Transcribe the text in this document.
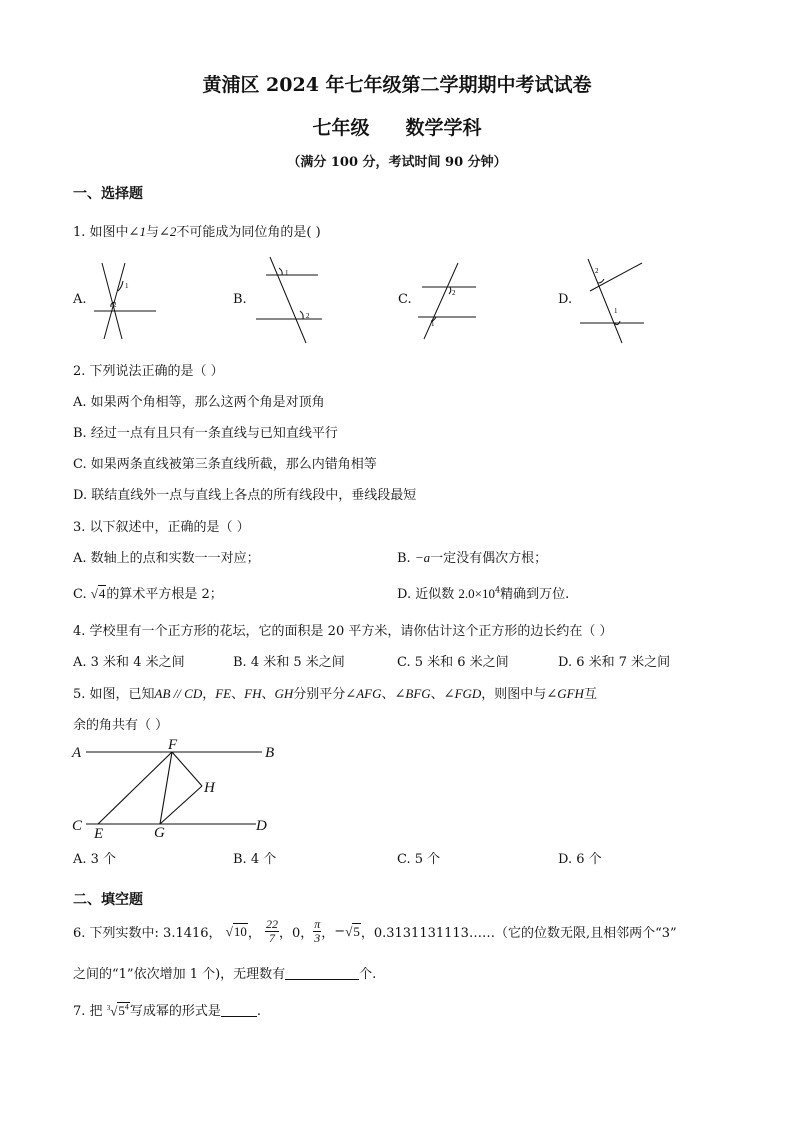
黄浦区 2024 年七年级第二学期期中考试试卷
七年级 数学学科
（满分 100 分，考试时间 90 分钟）
一、选择题
1. 如图中∠1与∠2不可能成为同位角的是( )
A.	B.	C.	D.
1
2
1
2
2
1
2
1
2. 下列说法正确的是（ ）
A. 如果两个角相等，那么这两个角是对顶角
B. 经过一点有且只有一条直线与已知直线平行
C. 如果两条直线被第三条直线所截，那么内错角相等
D. 联结直线外一点与直线上各点的所有线段中，垂线段最短
3. 以下叙述中，正确的是（ ）
A. 数轴上的点和实数一一对应；	B. −a一定没有偶次方根；
C. √4的算术平方根是 2；	D. 近似数 $2.0\times 10^4$精确到万位.
4. 学校里有一个正方形的花坛，它的面积是 20 平方米，请你估计这个正方形的边长约在（ ）
A. 3 米和 4 米之间	B. 4 米和 5 米之间	C. 5 米和 6 米之间	D. 6 米和 7 米之间
5. 如图，已知AB // CD，FE、FH、GH分别平分∠AFG、∠BFG、∠FGD，则图中与∠GFH互
余的角共有（ ）
A	B
C	D
E
F
G
H
A. 3 个	B. 4 个	C. 5 个	D. 6 个
二、填空题
6. 下列实数中: 3.1416， √10， $\frac{22}{7}$ ，0， $\frac{\pi}{3}$ ，−√5，0.3131131113……（它的位数无限,且相邻两个“3”
之间的“1”依次增加 1 个)，无理数有	个.
7. 把 $^3√5^4$写成幂的形式是	.
